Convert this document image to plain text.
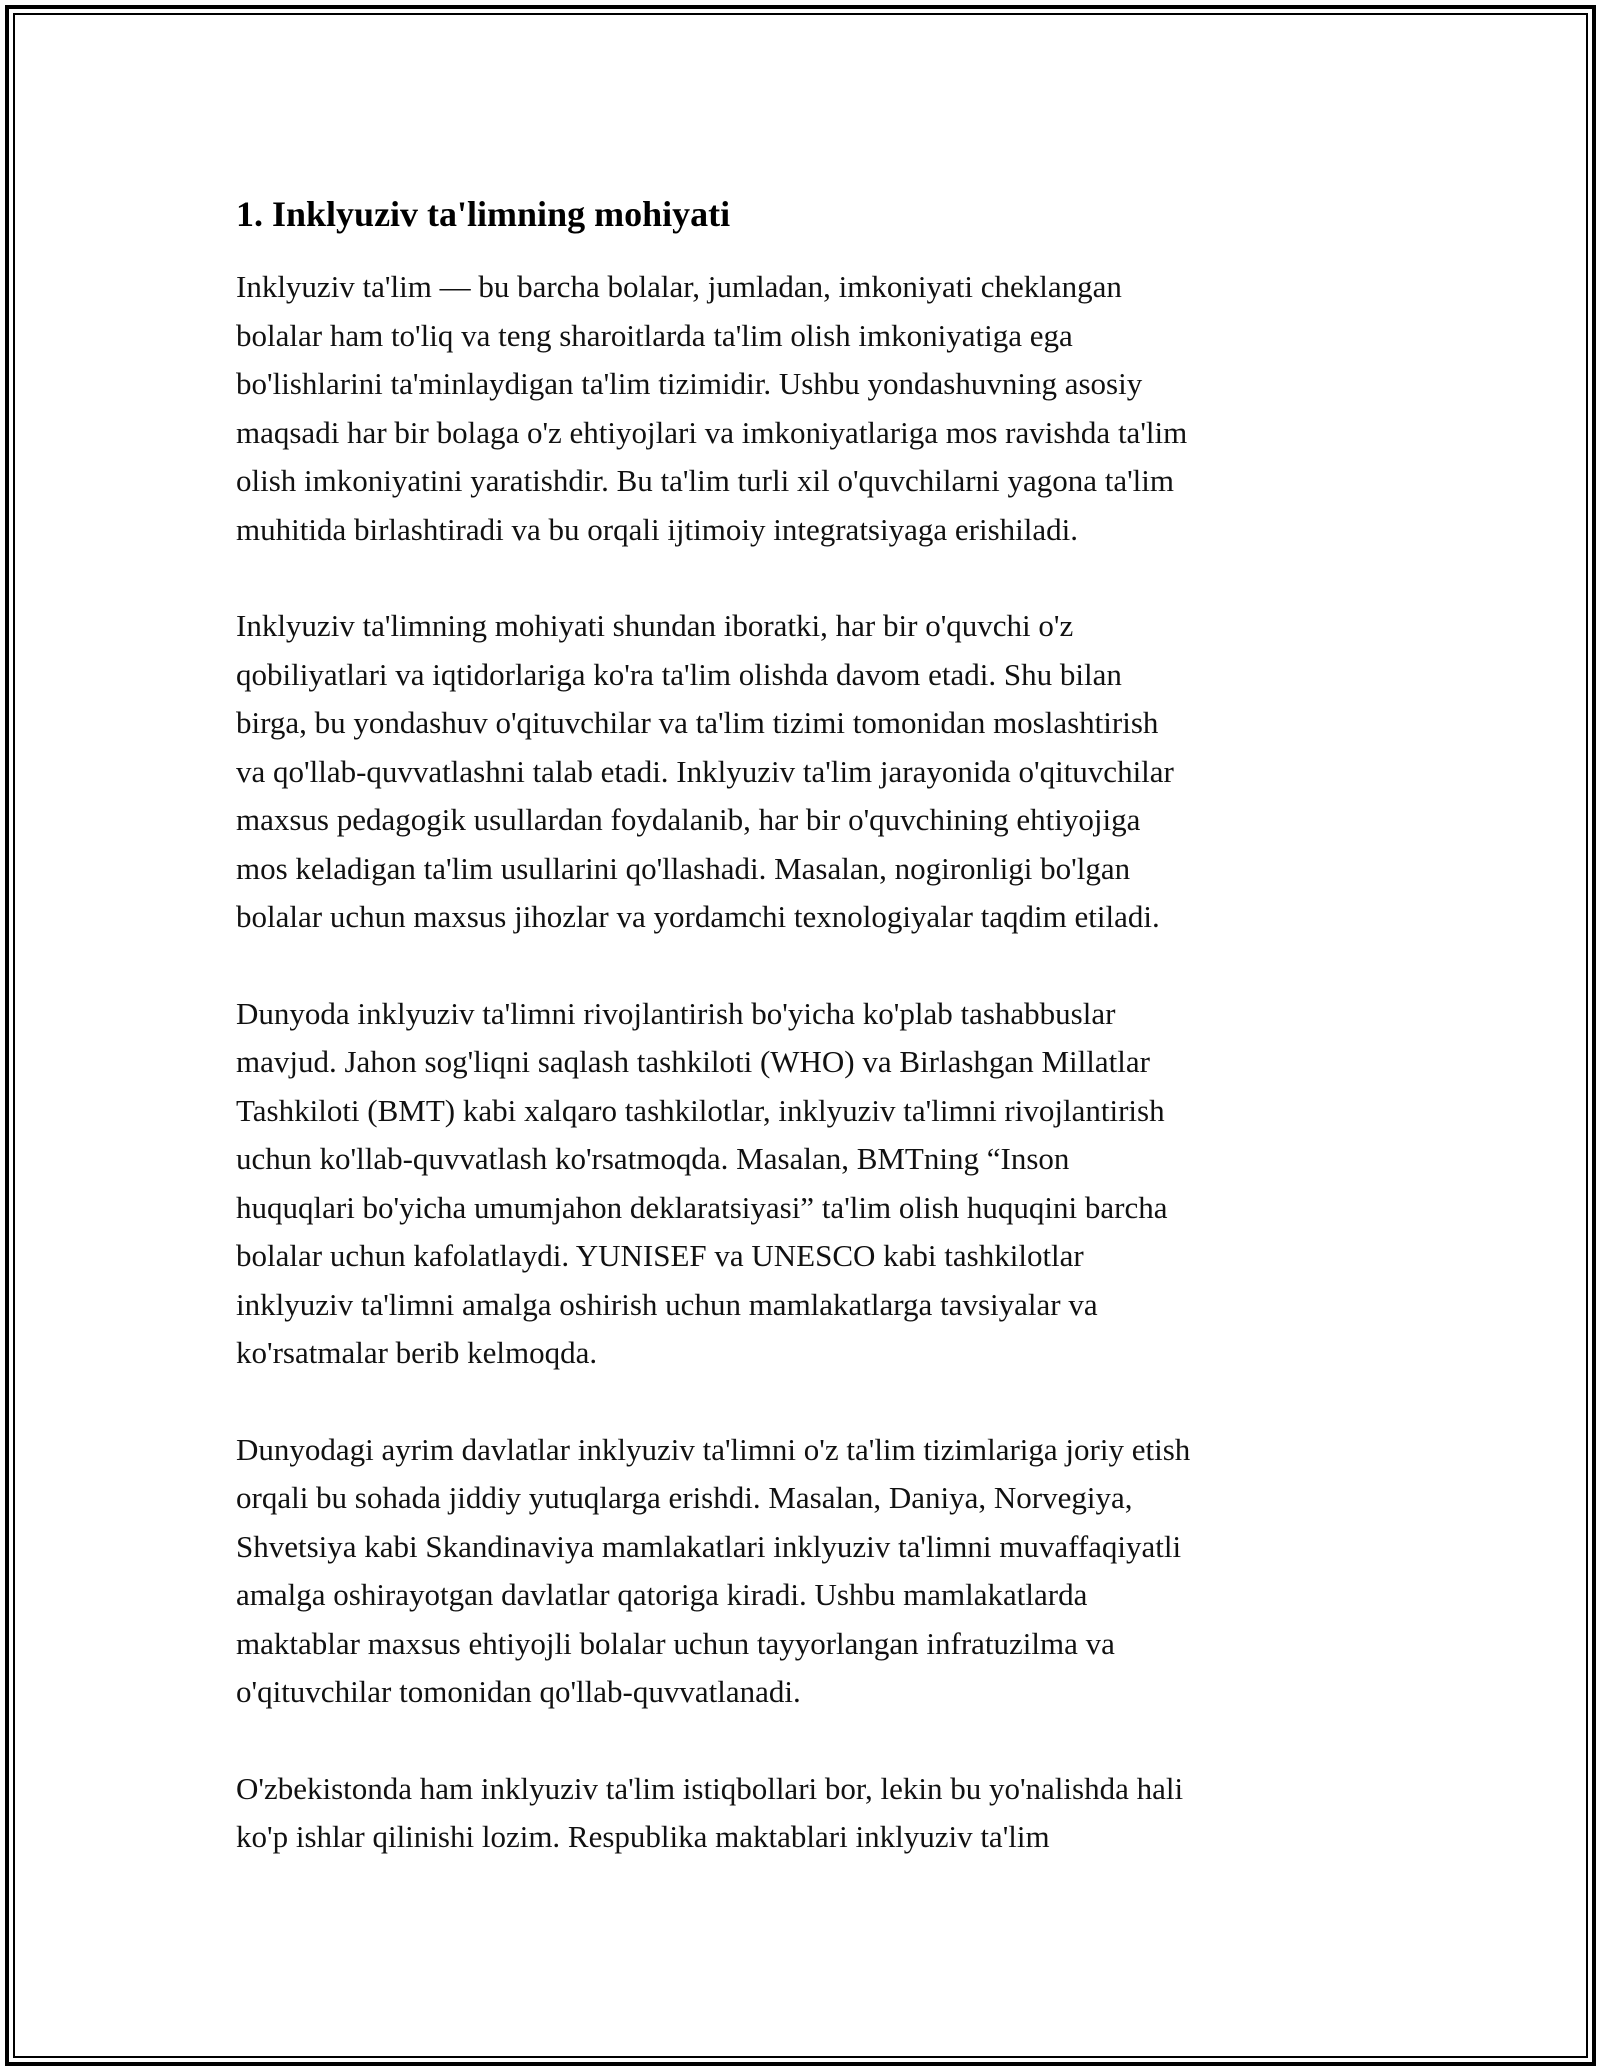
1. Inklyuziv ta'limning mohiyati

Inklyuziv ta'lim — bu barcha bolalar, jumladan, imkoniyati cheklangan
bolalar ham to'liq va teng sharoitlarda ta'lim olish imkoniyatiga ega
bo'lishlarini ta'minlaydigan ta'lim tizimidir. Ushbu yondashuvning asosiy
maqsadi har bir bolaga o'z ehtiyojlari va imkoniyatlariga mos ravishda ta'lim
olish imkoniyatini yaratishdir. Bu ta'lim turli xil o'quvchilarni yagona ta'lim
muhitida birlashtiradi va bu orqali ijtimoiy integratsiyaga erishiladi.

Inklyuziv ta'limning mohiyati shundan iboratki, har bir o'quvchi o'z
qobiliyatlari va iqtidorlariga ko'ra ta'lim olishda davom etadi. Shu bilan
birga, bu yondashuv o'qituvchilar va ta'lim tizimi tomonidan moslashtirish
va qo'llab-quvvatlashni talab etadi. Inklyuziv ta'lim jarayonida o'qituvchilar
maxsus pedagogik usullardan foydalanib, har bir o'quvchining ehtiyojiga
mos keladigan ta'lim usullarini qo'llashadi. Masalan, nogironligi bo'lgan
bolalar uchun maxsus jihozlar va yordamchi texnologiyalar taqdim etiladi.

Dunyoda inklyuziv ta'limni rivojlantirish bo'yicha ko'plab tashabbuslar
mavjud. Jahon sog'liqni saqlash tashkiloti (WHO) va Birlashgan Millatlar
Tashkiloti (BMT) kabi xalqaro tashkilotlar, inklyuziv ta'limni rivojlantirish
uchun ko'llab-quvvatlash ko'rsatmoqda. Masalan, BMTning “Inson
huquqlari bo'yicha umumjahon deklaratsiyasi” ta'lim olish huquqini barcha
bolalar uchun kafolatlaydi. YUNISEF va UNESCO kabi tashkilotlar
inklyuziv ta'limni amalga oshirish uchun mamlakatlarga tavsiyalar va
ko'rsatmalar berib kelmoqda.

Dunyodagi ayrim davlatlar inklyuziv ta'limni o'z ta'lim tizimlariga joriy etish
orqali bu sohada jiddiy yutuqlarga erishdi. Masalan, Daniya, Norvegiya,
Shvetsiya kabi Skandinaviya mamlakatlari inklyuziv ta'limni muvaffaqiyatli
amalga oshirayotgan davlatlar qatoriga kiradi. Ushbu mamlakatlarda
maktablar maxsus ehtiyojli bolalar uchun tayyorlangan infratuzilma va
o'qituvchilar tomonidan qo'llab-quvvatlanadi.

O'zbekistonda ham inklyuziv ta'lim istiqbollari bor, lekin bu yo'nalishda hali
ko'p ishlar qilinishi lozim. Respublika maktablari inklyuziv ta'lim
